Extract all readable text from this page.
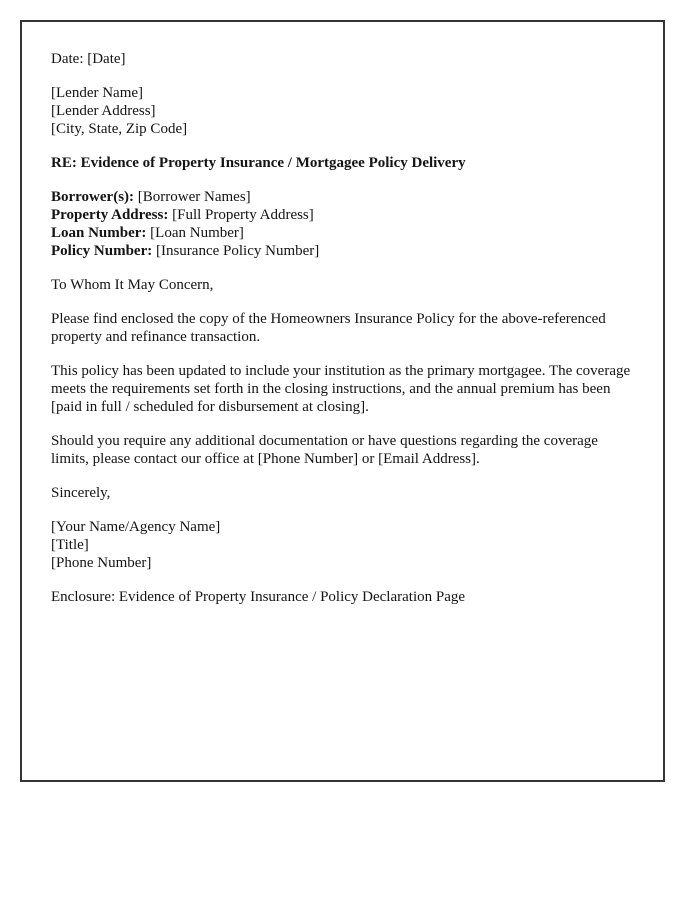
Date: [Date]

[Lender Name]

[Lender Address]

[City, State, Zip Code]

RE: Evidence of Property Insurance / Mortgagee Policy Delivery

Borrower(s): [Borrower Names]

Property Address: [Full Property Address]

Loan Number: [Loan Number]

Policy Number: [Insurance Policy Number]

To Whom It May Concern,

Please find enclosed the copy of the Homeowners Insurance Policy for the above-referenced property and refinance transaction.

This policy has been updated to include your institution as the primary mortgagee. The coverage meets the requirements set forth in the closing instructions, and the annual premium has been [paid in full / scheduled for disbursement at closing].

Should you require any additional documentation or have questions regarding the coverage limits, please contact our office at [Phone Number] or [Email Address].

Sincerely,

[Your Name/Agency Name]

[Title]

[Phone Number]

Enclosure: Evidence of Property Insurance / Policy Declaration Page
